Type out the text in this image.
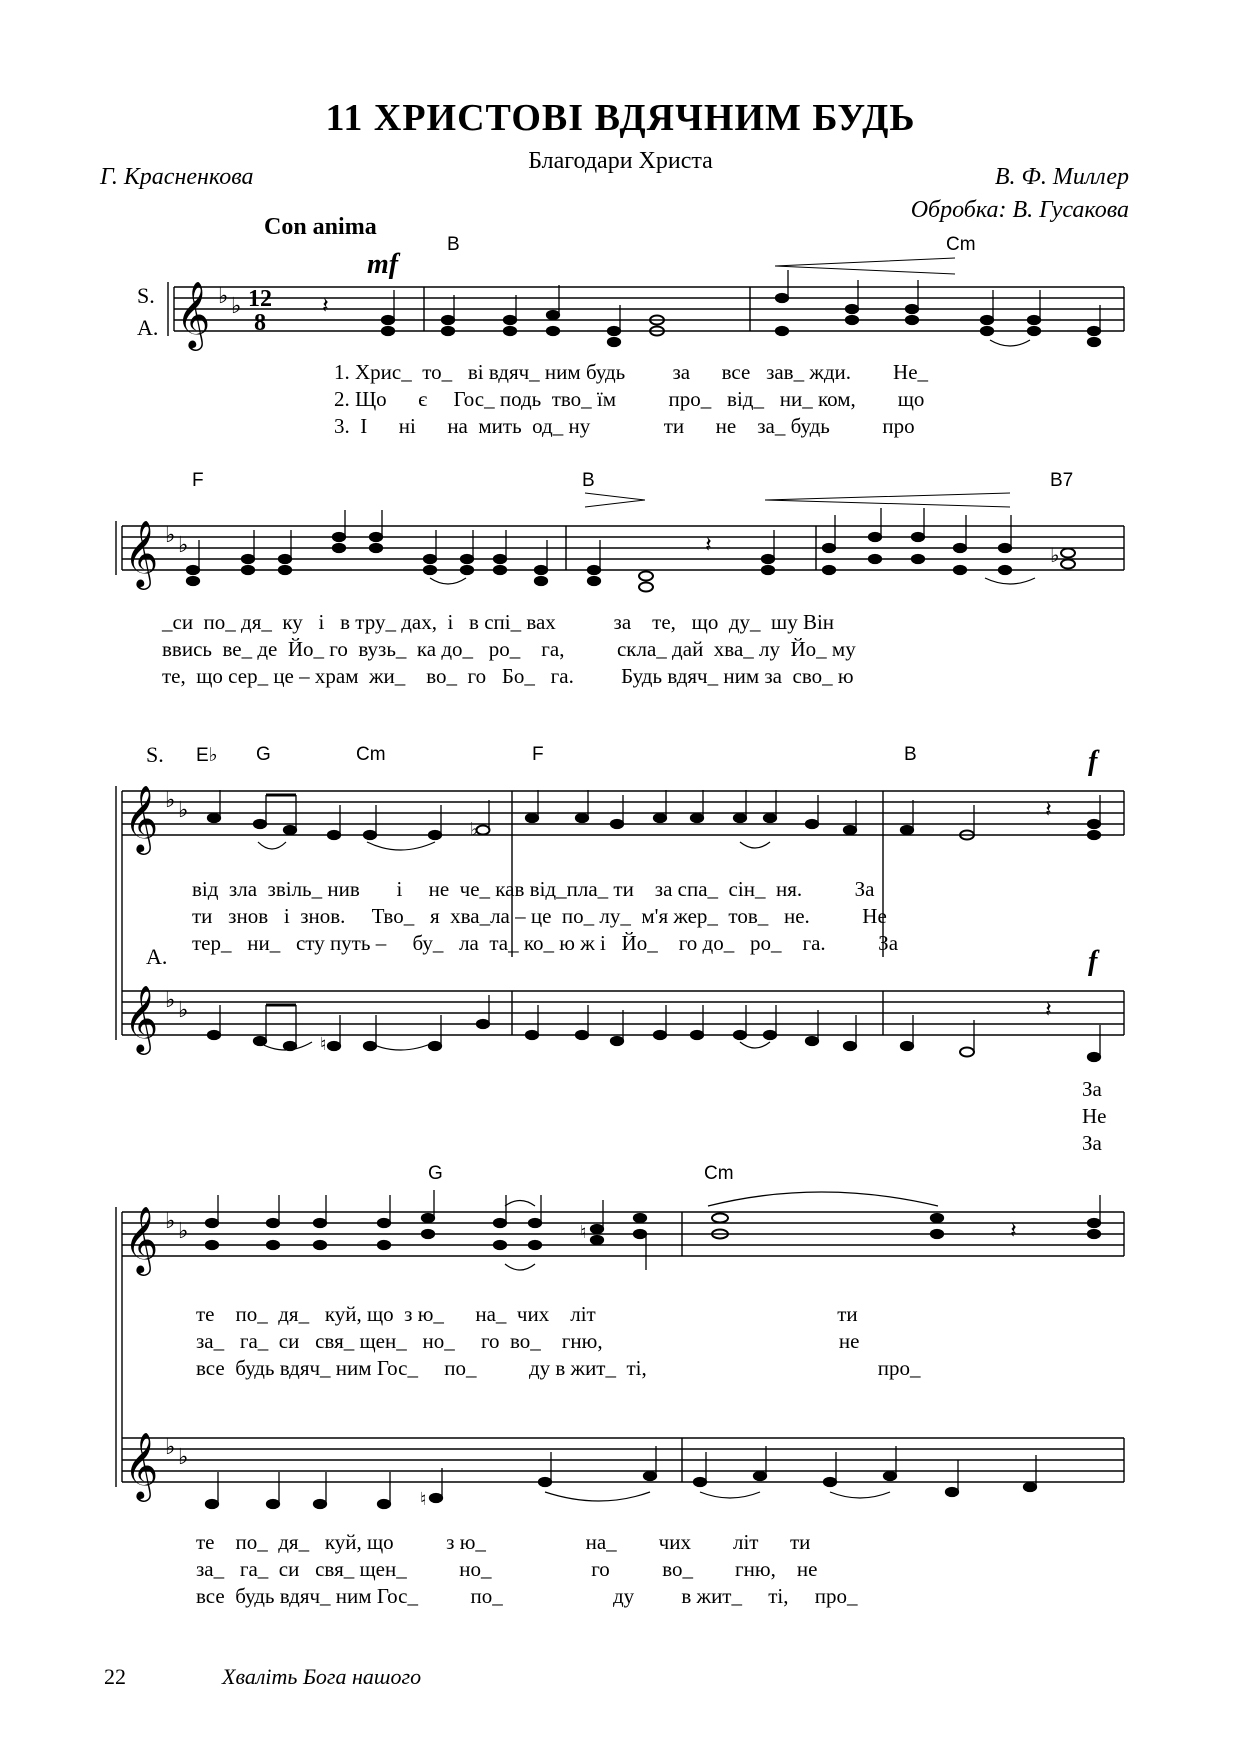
11 ХРИСТОВІ ВДЯЧНИМ БУДЬ
Благодари Христа
Г. Красненкова	В. Ф. Миллер
Обробка: В. Гусакова
Con anima
mf
B	Cm
S.
A. 𝄞 ♭ ♭ 12
8
𝄽
1. Хрис_  то_   ві вдяч_ ним будь         за      все   зав_ жди.        Не_
2. Що      є     Гос_ подь  тво_ їм          про_   від_   ни_ ком,        що
3.  І      ні      на  мить  од_ ну              ти      не    за_ будь          про
F	B	B7
𝄞 ♭ ♭	𝄽	♭
_си  по_ дя_  ку   і   в тру_ дах,  і   в спі_ вах           за    те,   що  ду_  шу Він
ввись  ве_ де  Йо_ го  вузь_  ка до_   ро_    га,          скла_ дай  хва_ лу  Йо_ му
те,  що сер_ це – храм  жи_    во_  го   Бо_   га.         Будь вдяч_ ним за  сво_ ю
S. E♭ G	Cm	F	B	f
𝄞 ♭ ♭
𝄞 ♭ ♭
𝄽
𝄽
♭
♮
від  зла  звіль_ нив       і     не  че_ кав від_пла_ ти    за спа_  сін_  ня.          За
ти   знов   і  знов.     Тво_   я  хва_ла – це  по_ лу_  м'я жер_  тов_   не.          Не
тер_   ни_   сту путь –     бу_   ла  та_ ко_ ю ж і   Йо_    го до_   ро_    га.          За
A.	f
За
Не
За
G	Cm
𝄞 ♭ ♭
𝄞 ♭ ♭
𝄽
♮
♮
те    по_  дя_   куй, що  з ю_      на_  чих    літ                                              ти
за_   га_  си   свя_ щен_   но_     го  во_    гню,                                             не
все  будь вдяч_ ним Гос_     по_          ду в жит_  ті,                                            про_
те    по_  дя_   куй, що          з ю_                   на_        чих        літ      ти
за_   га_  си   свя_ щен_          но_                   го          во_        гню,    не
все  будь вдяч_ ним Гос_          по_                     ду         в жит_     ті,     про_
22	Хваліть Бога нашого
